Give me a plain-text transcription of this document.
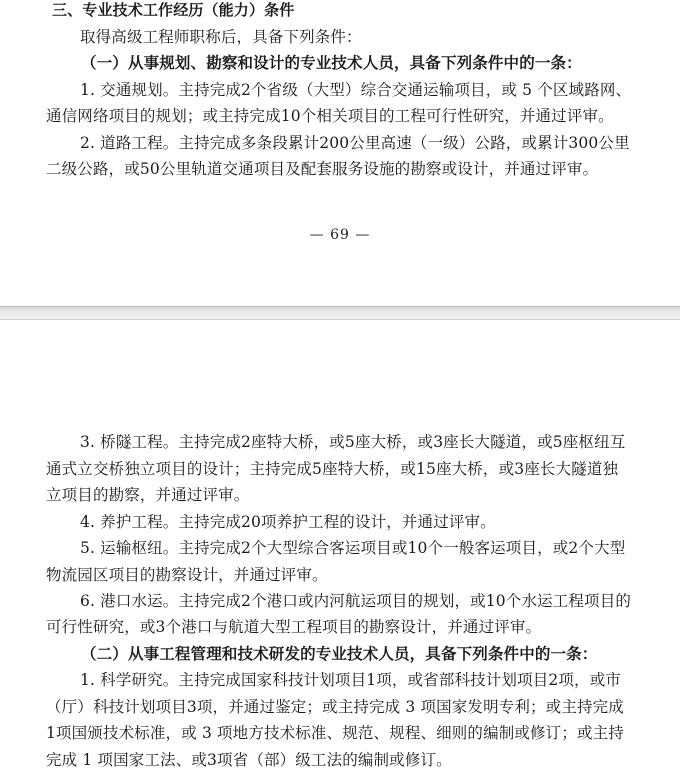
三、专业技术工作经历（能力）条件
取得高级工程师职称后，具备下列条件：
（一）从事规划、勘察和设计的专业技术人员，具备下列条件中的一条：
1. 交通规划。主持完成2个省级（大型）综合交通运输项目，或 5 个区域路网、
通信网络项目的规划；或主持完成10个相关项目的工程可行性研究，并通过评审。
2. 道路工程。主持完成多条段累计200公里高速（一级）公路，或累计300公里
二级公路，或50公里轨道交通项目及配套服务设施的勘察或设计，并通过评审。
— 69 —
3. 桥隧工程。主持完成2座特大桥，或5座大桥，或3座长大隧道，或5座枢纽互
通式立交桥独立项目的设计；主持完成5座特大桥，或15座大桥，或3座长大隧道独
立项目的勘察，并通过评审。
4. 养护工程。主持完成20项养护工程的设计，并通过评审。
5. 运输枢纽。主持完成2个大型综合客运项目或10个一般客运项目，或2个大型
物流园区项目的勘察设计，并通过评审。
6. 港口水运。主持完成2个港口或内河航运项目的规划，或10个水运工程项目的
可行性研究，或3个港口与航道大型工程项目的勘察设计，并通过评审。
（二）从事工程管理和技术研发的专业技术人员，具备下列条件中的一条：
1. 科学研究。主持完成国家科技计划项目1项，或省部科技计划项目2项，或市
（厅）科技计划项目3项，并通过鉴定；或主持完成 3 项国家发明专利；或主持完成
1项国颁技术标准，或 3 项地方技术标准、规范、规程、细则的编制或修订；或主持
完成 1 项国家工法、或3项省（部）级工法的编制或修订。
